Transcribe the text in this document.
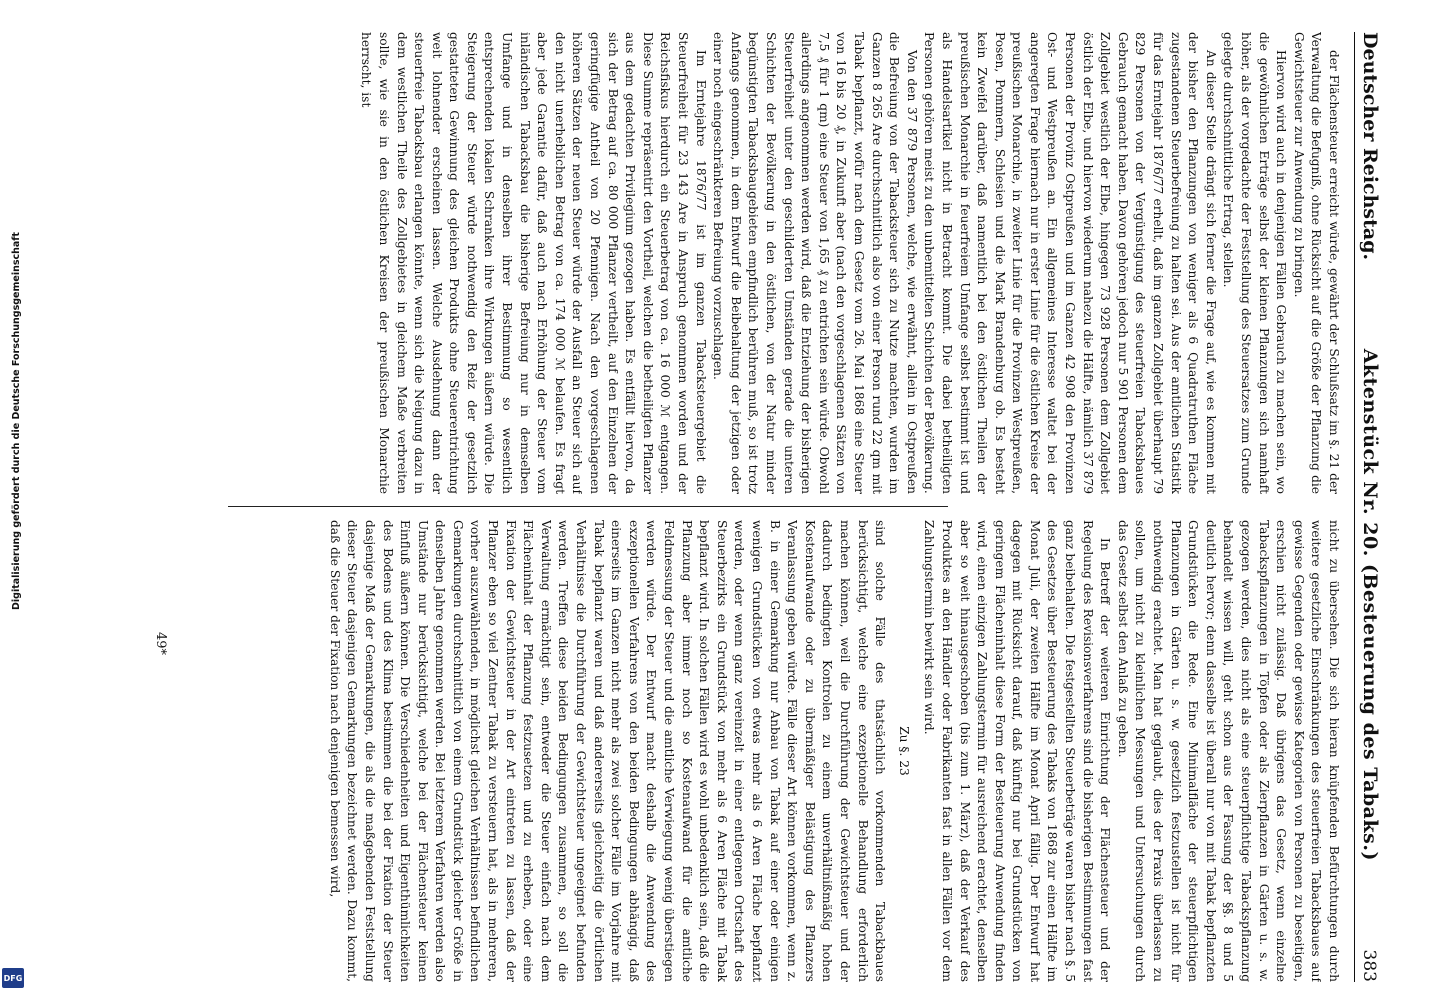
Deutscher Reichstag.
Aktenstück Nr. 20. (Besteuerung des Tabaks.)
383

der Flächensteuer erreicht würde, gewährt der Schlußsatz im §. 21 der Verwaltung die Befugniß, ohne Rücksicht auf die Größe der Pflanzung die Gewichtsteuer zur Anwendung zu bringen.

Hiervon wird auch in denjenigen Fällen Gebrauch zu machen sein, wo die gewöhnlichen Erträge selbst der kleinen Pflanzungen sich namhaft höher, als der vorgedachte der Feststellung des Steuersatzes zum Grunde gelegte durchschnittliche Ertrag, stellen.

An dieser Stelle drängt sich ferner die Frage auf, wie es kommen mit der bisher den Pflanzungen von weniger als 6 Quadratruthen Fläche zugestandenen Steuerbefreiung zu halten sei. Aus der amtlichen Statistik für das Erntejahr 1876/77 erhellt, daß im ganzen Zollgebiet überhaupt 79 829 Personen von der Vergünstigung des steuerfreien Tabacksbaues Gebrauch gemacht haben. Davon gehören jedoch nur 5 901 Personen dem Zollgebiet westlich der Elbe, hingegen 73 928 Personen dem Zollgebiet östlich der Elbe, und hiervon wiederum nahezu die Hälfte, nämlich 37 879 Personen der Provinz Ostpreußen und im Ganzen 42 908 den Provinzen Ost- und Westpreußen an. Ein allgemeines Interesse waltet bei der angeregten Frage hiernach nur in erster Linie für die östlichen Kreise der preußischen Monarchie, in zweiter Linie für die Provinzen Westpreußen, Posen, Pommern, Schlesien und die Mark Brandenburg ob. Es besteht kein Zweifel darüber, daß namentlich bei den östlichen Theilen der preußischen Monarchie in feuerfreiem Umfange selbst bestimmt ist und als Handelsartikel nicht in Betracht kommt. Die dabei betheiligten Personen gehören meist zu den unbemittelten Schichten der Bevölkerung.

Von den 37 879 Personen, welche, wie erwähnt, allein in Ostpreußen die Befreiung von der Tabacksteuer sich zu Nutze machten, wurden im Ganzen 8 265 Are durchschnittlich also von einer Person rund 22 qm mit Tabak bepflanzt, wofür nach dem Gesetz vom 26. Mai 1868 eine Steuer von 16 bis 20 ₰, in Zukunft aber (nach den vorgeschlagenen Sätzen von 7,5 ₰ für 1 qm) eine Steuer von 1,65 ₰ zu entrichten sein würde. Obwohl allerdings angenommen werden wird, daß die Entziehung der bisherigen Steuerfreiheit unter den geschilderten Umständen gerade die unteren Schichten der Bevölkerung in den östlichen, von der Natur minder begünstigten Tabacksbaugebieten empfindlich berühren muß, so ist trotz Anfangs genommen, in dem Entwurf die Beibehaltung der jetzigen oder einer noch eingeschränkteren Befreiung vorzuschlagen.

Im Erntejahre 1876/77 ist im ganzen Tabacksteuergebiet die Steuerfreiheit für 23 143 Are in Anspruch genommen worden und der Reichsfiskus hierdurch ein Steuerbetrag von ca. 16 000 ℳ entgangen. Diese Summe repräsentirt den Vortheil, welchen die betheiligten Pflanzer aus dem gedachten Privilegium gezogen haben. Es entfällt hiervon, da sich der Betrag auf ca. 80 000 Pflanzer vertheilt, auf den Einzelnen der geringfügige Antheil von 20 Pfennigen. Nach den vorgeschlagenen höheren Sätzen der neuen Steuer würde der Ausfall an Steuer sich auf den nicht unerheblichen Betrag von ca. 174 000 ℳ belaufen. Es fragt aber jede Garantie dafür, daß auch nach Erhöhung der Steuer vom inländischen Tabacksbau die bisherige Befreiung nur in demselben Umfange und in denselben ihrer Bestimmung so wesentlich entsprechenden lokalen Schranken ihre Wirkungen äußern würde. Die Steigerung der Steuer würde nothwendig den Reiz der gesetzlich gestatteten Gewinnung des gleichen Produkts ohne Steuerentrichtung weit lohnender erscheinen lassen. Welche Ausdehnung dann der steuerfreie Tabacksbau erlangen könnte, wenn sich die Neigung dazu in dem westlichen Theile des Zollgebietes in gleichem Maße verbreiten sollte, wie sie in den östlichen Kreisen der preußischen Monarchie herrscht, ist

nicht zu übersehen. Die sich hieran knüpfenden Befürchtungen durch weitere gesetzliche Einschränkungen des steuerfreien Tabacksbaues auf gewisse Gegenden oder gewisse Kategorien von Personen zu beseitigen, erschien nicht zulässig. Daß übrigens das Gesetz, wenn einzelne Tabackspflanzungen in Töpfen oder als Zierpflanzen in Gärten u. s. w. gezogen werden, dies nicht als eine steuerpflichtige Tabackspflanzung behandelt wissen will, geht schon aus der Fassung der §§. 8 und 5 deutlich hervor; denn dasselbe ist überall nur von mit Tabak bepflanzten Grundstücken die Rede. Eine Minimalfläche der steuerpflichtigen Pflanzungen in Gärten u. s. w. gesetzlich festzustellen ist nicht für nothwendig erachtet. Man hat geglaubt, dies der Praxis überlassen zu sollen, um nicht zu kleinlichen Messungen und Untersuchungen durch das Gesetz selbst den Anlaß zu geben.

In Betreff der weiteren Einrichtung der Flächensteuer und der Regelung des Revisionsverfahrens sind die bisherigen Bestimmungen fast ganz beibehalten. Die festgestellten Steuerbeträge waren bisher nach §. 5 des Gesetzes über Besteuerung des Tabaks von 1868 zur einen Hälfte im Monat Juli, der zweiten Hälfte im Monat April fällig. Der Entwurf hat dagegen mit Rücksicht darauf, daß künftig nur bei Grundstücken von geringem Flächeninhalt diese Form der Besteuerung Anwendung finden wird, einen einzigen Zahlungstermin für ausreichend erachtet, denselben aber so weit hinausgeschoben (bis zum 1. März), daß der Verkauf des Produktes an den Händler oder Fabrikanten fast in allen Fällen vor dem Zahlungstermin bewirkt sein wird.

Zu §. 23

sind solche Fälle des thatsächlich vorkommenden Tabackbaues berücksichtigt, welche eine exzeptionelle Behandlung erforderlich machen können, weil die Durchführung der Gewichtsteuer und der dadurch bedingten Kontrolen zu einem unverhältnißmäßig hohen Kostenaufwande oder zu übermäßiger Belästigung des Pflanzers Veranlassung geben würde. Fälle dieser Art können vorkommen, wenn z. B. in einer Gemarkung nur Anbau von Tabak auf einer oder einigen wenigen Grundstücken von etwas mehr als 6 Aren Fläche bepflanzt werden, oder wenn ganz vereinzelt in einer entlegenen Ortschaft des Steuerbezirks ein Grundstück von mehr als 6 Aren Fläche mit Tabak bepflanzt wird. In solchen Fällen wird es wohl unbedenklich sein, daß die Pflanzung aber immer noch so Kostenaufwand für die amtliche Feldmessung der Steuer und die amtliche Verwiegung wenig überstiegen werden würde. Der Entwurf macht deshalb die Anwendung des exzeptionellen Verfahrens von den beiden Bedingungen abhängig, daß einerseits im Ganzen nicht mehr als zwei solcher Fälle im Vorjahre mit Tabak bepflanzt waren und daß andererseits gleichzeitig die örtlichen Verhältnisse die Durchführung der Gewichtsteuer ungeeignet befunden werden. Treffen diese beiden Bedingungen zusammen, so soll die Verwaltung ermächtigt sein, entweder die Steuer einfach nach dem Flächeninhalt der Pflanzung festzusetzen und zu erheben, oder eine Fixation der Gewichtsteuer in der Art eintreten zu lassen, daß der Pflanzer eben so viel Zentner Tabak zu versteuern hat, als in mehreren, vorher auszuwählenden, in möglichst gleichen Verhältnissen befindlichen Gemarkungen durchschnittlich von einem Grundstück gleicher Größe in denselben Jahre genommen werden. Bei letzterem Verfahren werden also Umstände nur berücksichtigt, welche bei der Flächensteuer keinen Einfluß äußern können. Die Verschiedenheiten und Eigenthümlichkeiten des Bodens und des Klima bestimmen die bei der Fixation der Steuer dasjenige Maß der Gemarkungen, die als die maßgebenden Feststellung dieser Steuer dasjenigen Gemarkungen bezeichnet werden. Dazu kommt, daß die Steuer der Fixation nach denjenigen bemessen wird,

49*
Digitalisierung gefördert durch die Deutsche Forschungsgemeinschaft
DFG
